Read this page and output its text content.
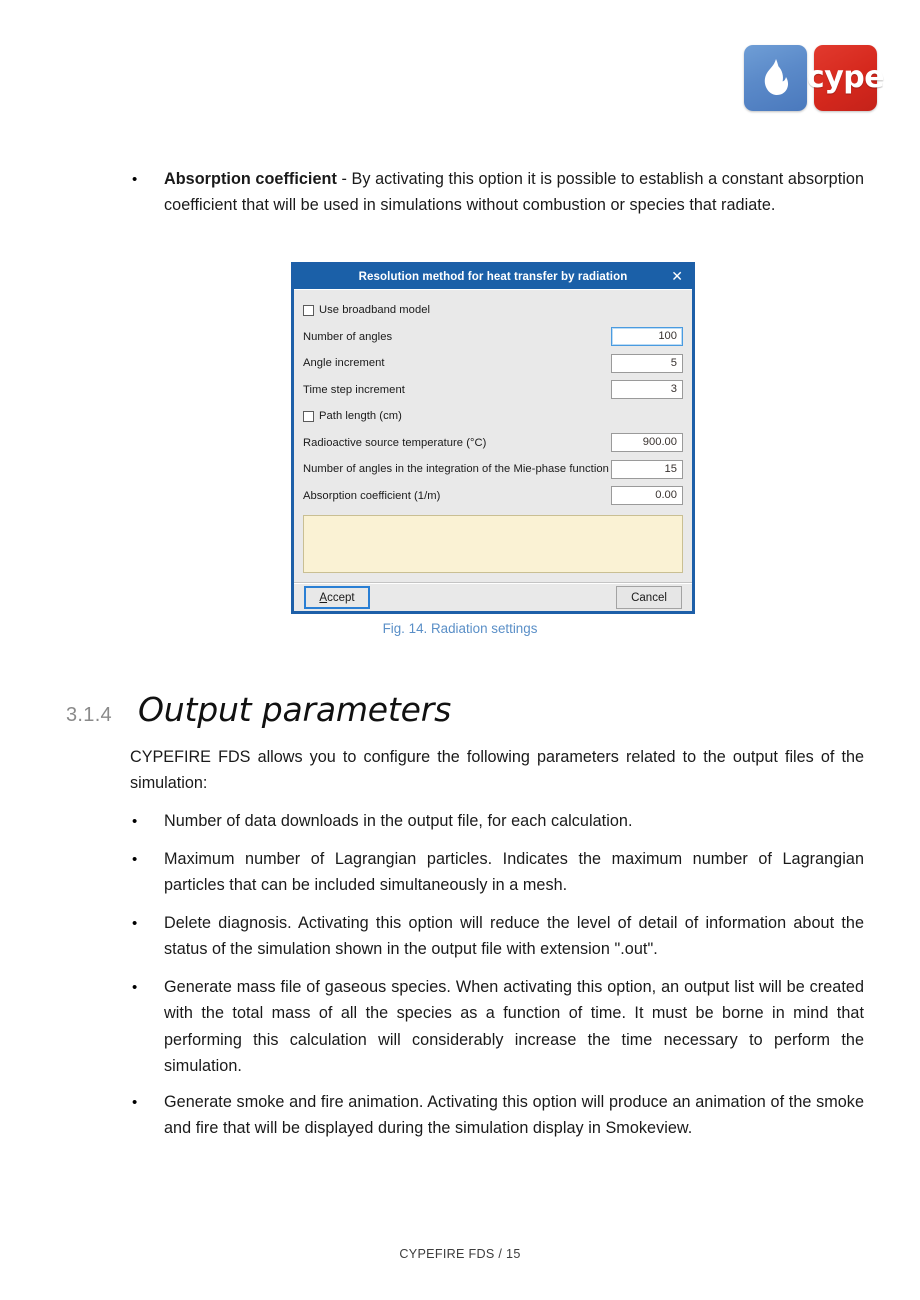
cype
•	Absorption coefficient - By activating this option it is possible to establish a constant absorption coefficient that will be used in simulations without combustion or species that radiate.
Resolution method for heat transfer by radiation	✕
Use broadband model
Number of angles	100
Angle increment	5
Time step increment	3
Path length (cm)
Radioactive source temperature (°C)	900.00
Number of angles in the integration of the Mie-phase function	15
Absorption coefficient (1/m)	0.00
A ccept	Cancel
Fig. 14. Radiation settings
3.1.4 Output parameters
CYPEFIRE FDS allows you to configure the following parameters related to the output files of the simulation:
•	Number of data downloads in the output file, for each calculation.
•	Maximum number of Lagrangian particles. Indicates the maximum number of Lagrangian particles that can be included simultaneously in a mesh.
•	Delete diagnosis. Activating this option will reduce the level of detail of information about the status of the simulation shown in the output file with extension ".out".
•	Generate mass file of gaseous species. When activating this option, an output list will be created with the total mass of all the species as a function of time. It must be borne in mind that performing this calculation will considerably increase the time necessary to perform the simulation.
•	Generate smoke and fire animation. Activating this option will produce an animation of the smoke and fire that will be displayed during the simulation display in Smokeview.
CYPEFIRE FDS / 15
